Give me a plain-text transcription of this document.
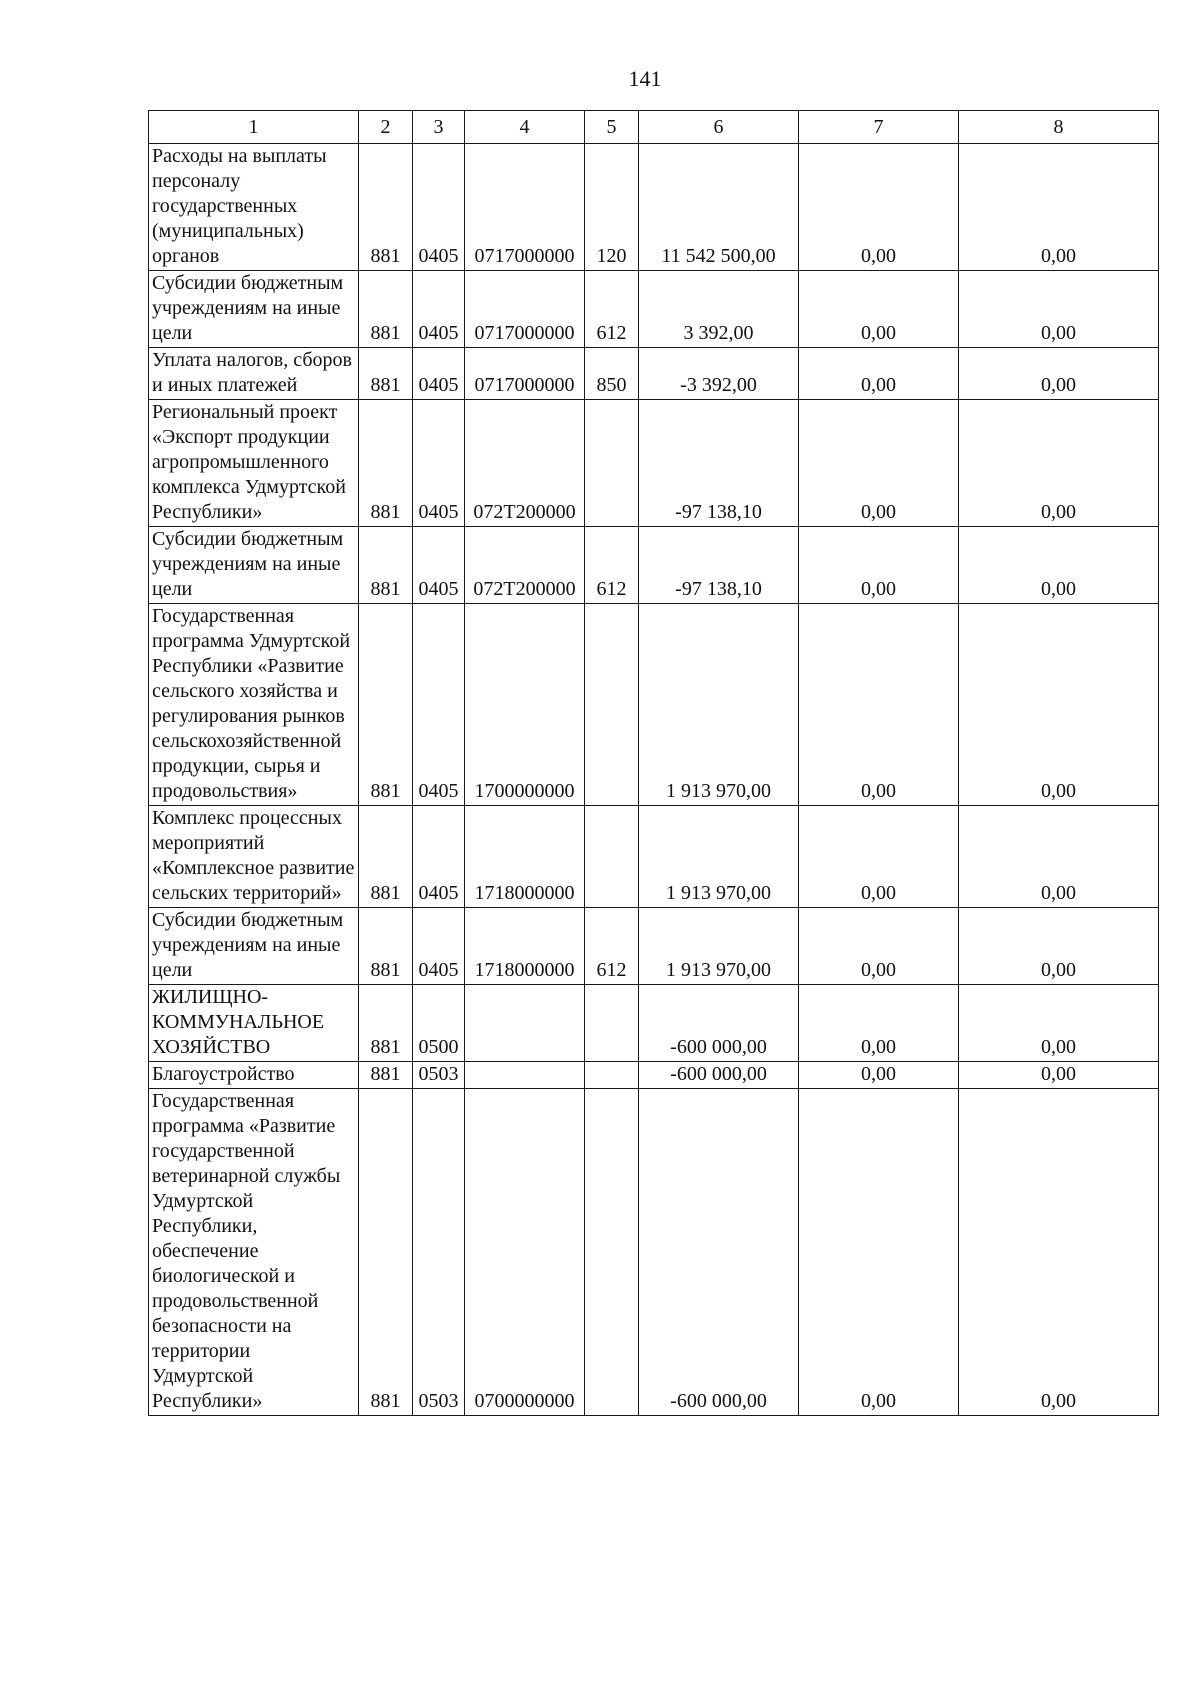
141
1	2	3	4	5	6	7	8
Расходы на выплаты персоналу государственных (муниципальных) органов	881	0405	0717000000	120	11 542 500,00	0,00	0,00
Субсидии бюджетным учреждениям на иные цели	881	0405	0717000000	612	3 392,00	0,00	0,00
Уплата налогов, сборов и иных платежей	881	0405	0717000000	850	-3 392,00	0,00	0,00
Региональный проект «Экспорт продукции агропромышленного комплекса Удмуртской Республики»	881	0405	072Т200000		-97 138,10	0,00	0,00
Субсидии бюджетным учреждениям на иные цели	881	0405	072Т200000	612	-97 138,10	0,00	0,00
Государственная программа Удмуртской Республики «Развитие сельского хозяйства и регулирования рынков сельскохозяйственной продукции, сырья и продовольствия»	881	0405	1700000000		1 913 970,00	0,00	0,00
Комплекс процессных мероприятий «Комплексное развитие сельских территорий»	881	0405	1718000000		1 913 970,00	0,00	0,00
Субсидии бюджетным учреждениям на иные цели	881	0405	1718000000	612	1 913 970,00	0,00	0,00
ЖИЛИЩНО-КОММУНАЛЬНОЕ ХОЗЯЙСТВО	881	0500			-600 000,00	0,00	0,00
Благоустройство	881	0503			-600 000,00	0,00	0,00
Государственная программа «Развитие государственной ветеринарной службы Удмуртской Республики, обеспечение биологической и продовольственной безопасности на территории Удмуртской Республики»	881	0503	0700000000		-600 000,00	0,00	0,00
